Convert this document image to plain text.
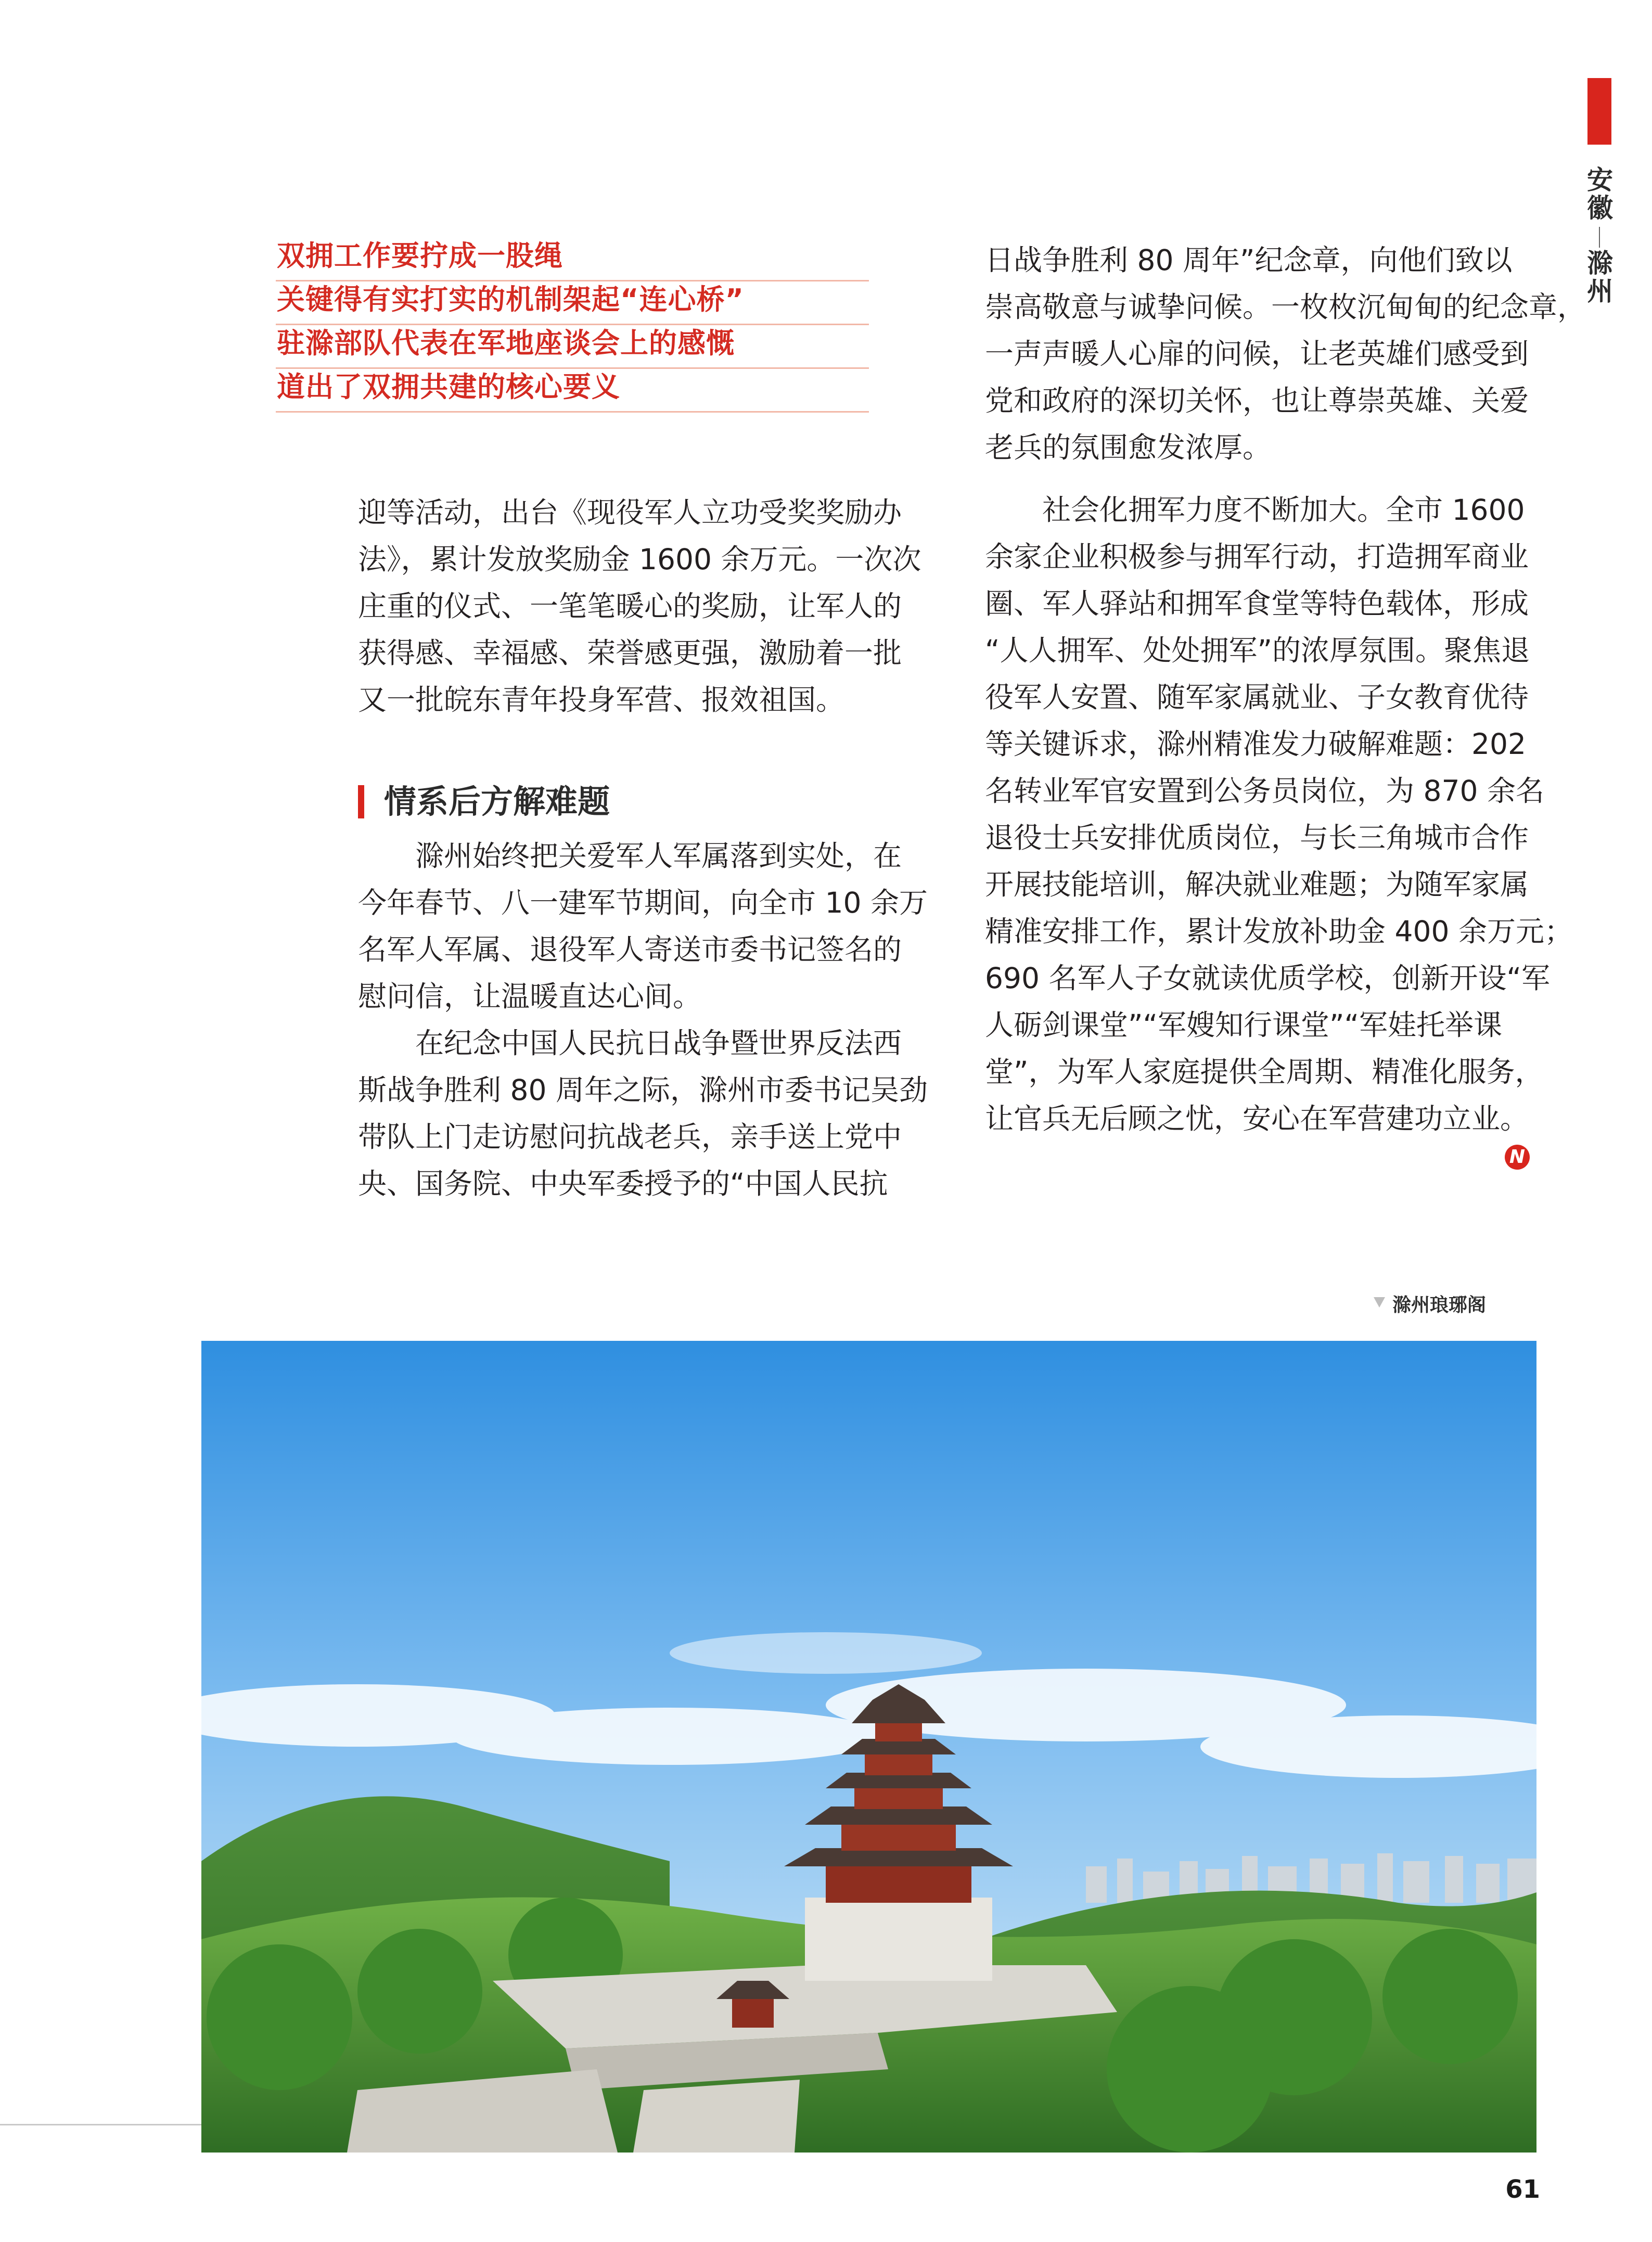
安
徽
滁
州
双拥工作要拧成一股绳
关键得有实打实的机制架起“连心桥”
驻滁部队代表在军地座谈会上的感慨
道出了双拥共建的核心要义
迎等活动，出台《现役军人立功受奖奖励办
法》，累计发放奖励金 1600 余万元。一次次
庄重的仪式、一笔笔暖心的奖励，让军人的
获得感、幸福感、荣誉感更强，激励着一批
又一批皖东青年投身军营、报效祖国。
情系后方解难题
　　滁州始终把关爱军人军属落到实处，在
今年春节、八一建军节期间，向全市 10 余万
名军人军属、退役军人寄送市委书记签名的
慰问信，让温暖直达心间。
　　在纪念中国人民抗日战争暨世界反法西
斯战争胜利 80 周年之际，滁州市委书记吴劲
带队上门走访慰问抗战老兵，亲手送上党中
央、国务院、中央军委授予的“中国人民抗
日战争胜利 80 周年”纪念章，向他们致以
崇高敬意与诚挚问候。一枚枚沉甸甸的纪念章，
一声声暖人心扉的问候，让老英雄们感受到
党和政府的深切关怀，也让尊崇英雄、关爱
老兵的氛围愈发浓厚。
　　社会化拥军力度不断加大。全市 1600
余家企业积极参与拥军行动，打造拥军商业
圈、军人驿站和拥军食堂等特色载体，形成
“人人拥军、处处拥军”的浓厚氛围。聚焦退
役军人安置、随军家属就业、子女教育优待
等关键诉求，滁州精准发力破解难题：202
名转业军官安置到公务员岗位，为 870 余名
退役士兵安排优质岗位，与长三角城市合作
开展技能培训，解决就业难题；为随军家属
精准安排工作，累计发放补助金 400 余万元；
690 名军人子女就读优质学校，创新开设“军
人砺剑课堂”“军嫂知行课堂”“军娃托举课
堂”，为军人家庭提供全周期、精准化服务，
让官兵无后顾之忧，安心在军营建功立业。
N
滁州琅琊阁
61
